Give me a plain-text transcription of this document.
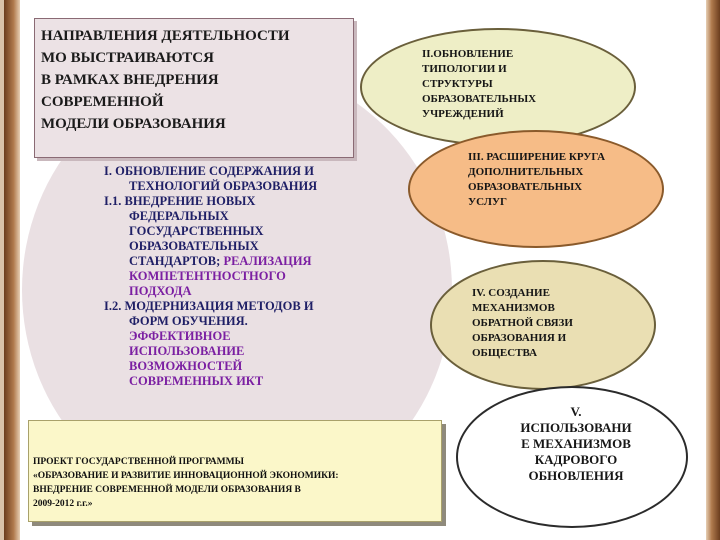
НАПРАВЛЕНИЯ ДЕЯТЕЛЬНОСТИ
МО ВЫСТРАИВАЮТСЯ
В РАМКАХ ВНЕДРЕНИЯ
СОВРЕМЕННОЙ
МОДЕЛИ ОБРАЗОВАНИЯ
I. ОБНОВЛЕНИЕ СОДЕРЖАНИЯ И
ТЕХНОЛОГИЙ ОБРАЗОВАНИЯ
I.1. ВНЕДРЕНИЕ НОВЫХ
ФЕДЕРАЛЬНЫХ
ГОСУДАРСТВЕННЫХ
ОБРАЗОВАТЕЛЬНЫХ
СТАНДАРТОВ; РЕАЛИЗАЦИЯ
КОМПЕТЕНТНОСТНОГО
ПОДХОДА
I.2. МОДЕРНИЗАЦИЯ МЕТОДОВ И
ФОРМ ОБУЧЕНИЯ.
ЭФФЕКТИВНОЕ
ИСПОЛЬЗОВАНИЕ
ВОЗМОЖНОСТЕЙ
СОВРЕМЕННЫХ ИКТ
ПРОЕКТ ГОСУДАРСТВЕННОЙ ПРОГРАММЫ
«ОБРАЗОВАНИЕ И РАЗВИТИЕ ИННОВАЦИОННОЙ ЭКОНОМИКИ:
ВНЕДРЕНИЕ СОВРЕМЕННОЙ МОДЕЛИ ОБРАЗОВАНИЯ В
2009-2012 г.г.»
II.ОБНОВЛЕНИЕ
ТИПОЛОГИИ И
СТРУКТУРЫ
ОБРАЗОВАТЕЛЬНЫХ
УЧРЕЖДЕНИЙ
III. РАСШИРЕНИЕ КРУГА
ДОПОЛНИТЕЛЬНЫХ
ОБРАЗОВАТЕЛЬНЫХ
УСЛУГ
IV. СОЗДАНИЕ
МЕХАНИЗМОВ
ОБРАТНОЙ СВЯЗИ
ОБРАЗОВАНИЯ И
ОБЩЕСТВА
V.
ИСПОЛЬЗОВАНИ
Е МЕХАНИЗМОВ
КАДРОВОГО
ОБНОВЛЕНИЯ
